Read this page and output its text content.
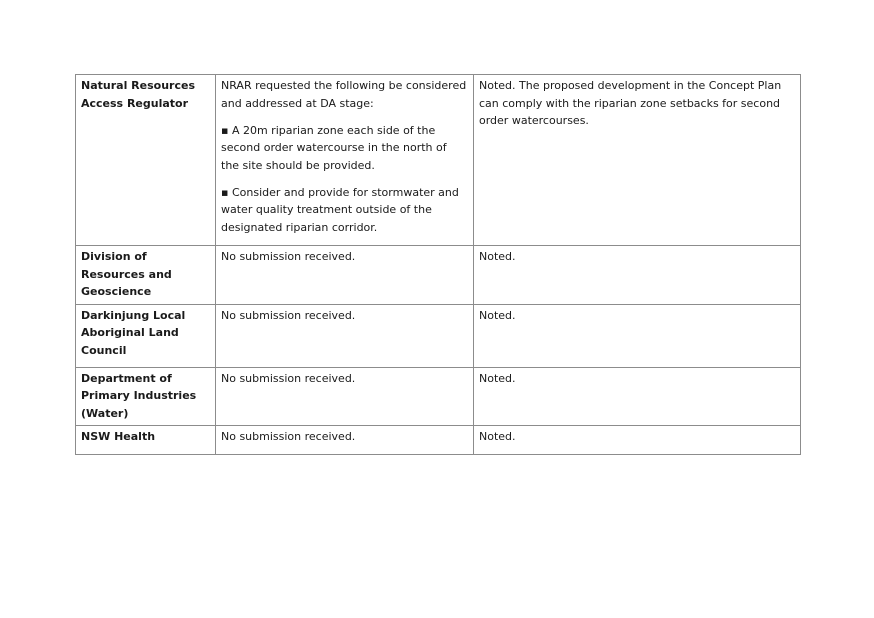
Natural Resources Access Regulator	NRAR requested the following be considered and addressed at DA stage:

▪ A 20m riparian zone each side of the second order watercourse in the north of the site should be provided.

▪ Consider and provide for stormwater and water quality treatment outside of the designated riparian corridor.	Noted. The proposed development in the Concept Plan can comply with the riparian zone setbacks for second order watercourses.
Division of Resources and Geoscience	No submission received.	Noted.
Darkinjung Local Aboriginal Land Council	No submission received.	Noted.
Department of Primary Industries (Water)	No submission received.	Noted.
NSW Health	No submission received.	Noted.
